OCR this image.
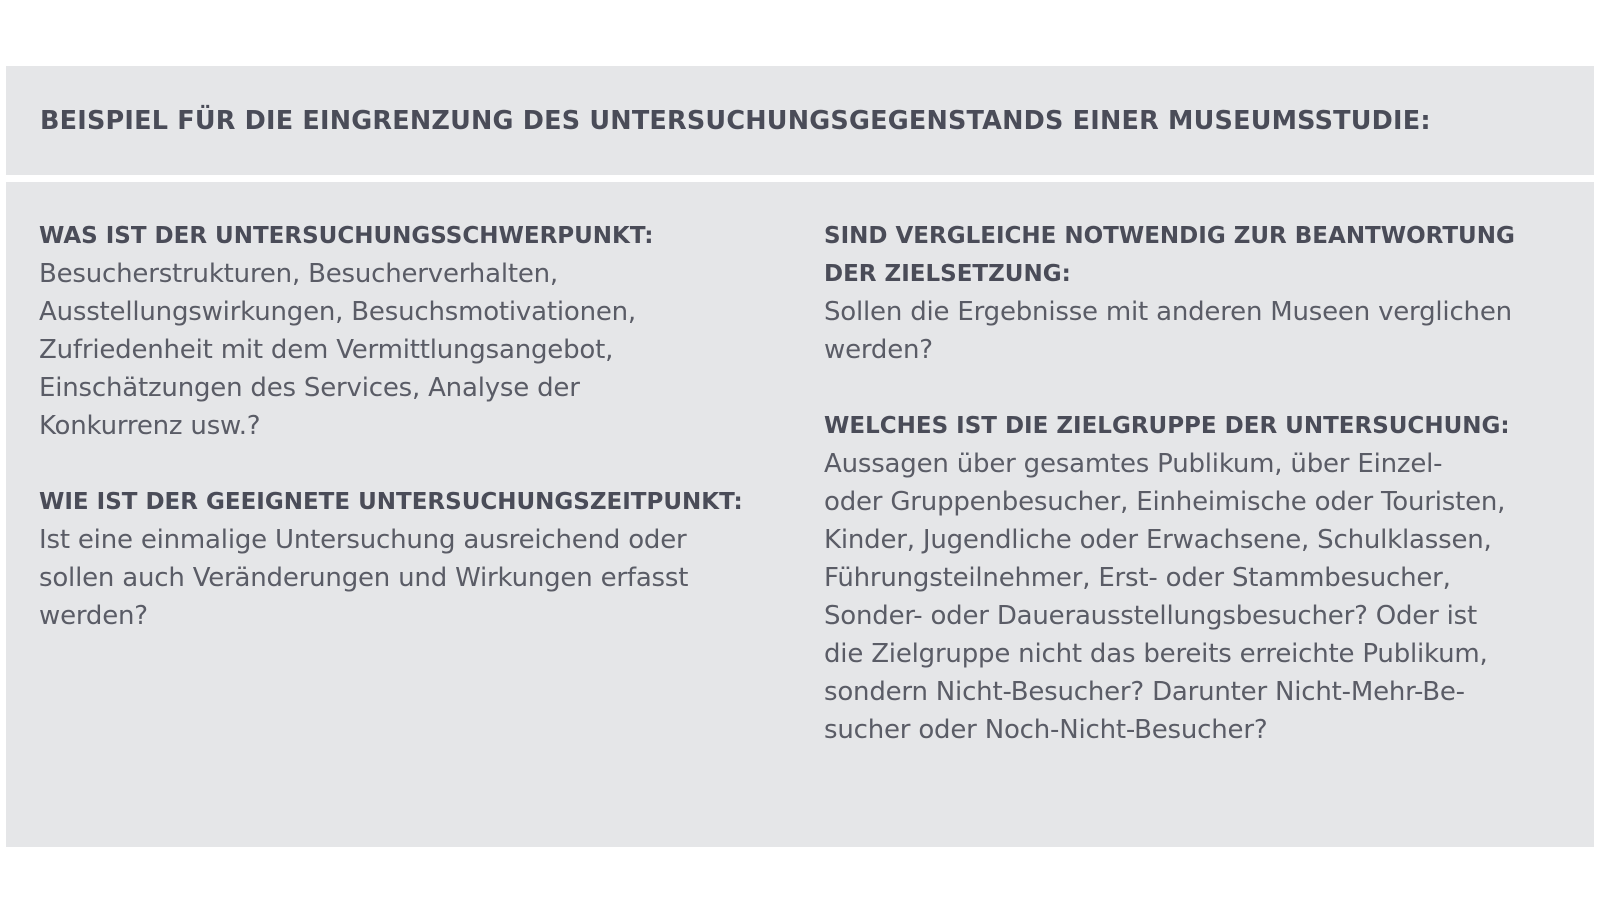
BEISPIEL FÜR DIE EINGRENZUNG DES UNTERSUCHUNGSGEGENSTANDS EINER MUSEUMSSTUDIE:

WAS IST DER UNTERSUCHUNGSSCHWERPUNKT:

Besucherstrukturen, Besucherverhalten,

Ausstellungswirkungen, Besuchsmotivationen,

Zufriedenheit mit dem Vermittlungsangebot,

Einschätzungen des Services, Analyse der

Konkurrenz usw.?

WIE IST DER GEEIGNETE UNTERSUCHUNGSZEITPUNKT:

Ist eine einmalige Untersuchung ausreichend oder

sollen auch Veränderungen und Wirkungen erfasst

werden?

SIND VERGLEICHE NOTWENDIG ZUR BEANTWORTUNG

DER ZIELSETZUNG:

Sollen die Ergebnisse mit anderen Museen verglichen

werden?

WELCHES IST DIE ZIELGRUPPE DER UNTERSUCHUNG:

Aussagen über gesamtes Publikum, über Einzel-

oder Gruppenbesucher, Einheimische oder Touristen,

Kinder, Jugendliche oder Erwachsene, Schulklassen,

Führungsteilnehmer, Erst- oder Stammbesucher,

Sonder- oder Dauerausstellungsbesucher? Oder ist

die Zielgruppe nicht das bereits erreichte Publikum,

sondern Nicht-Besucher? Darunter Nicht-Mehr-Be-

sucher oder Noch-Nicht-Besucher?
